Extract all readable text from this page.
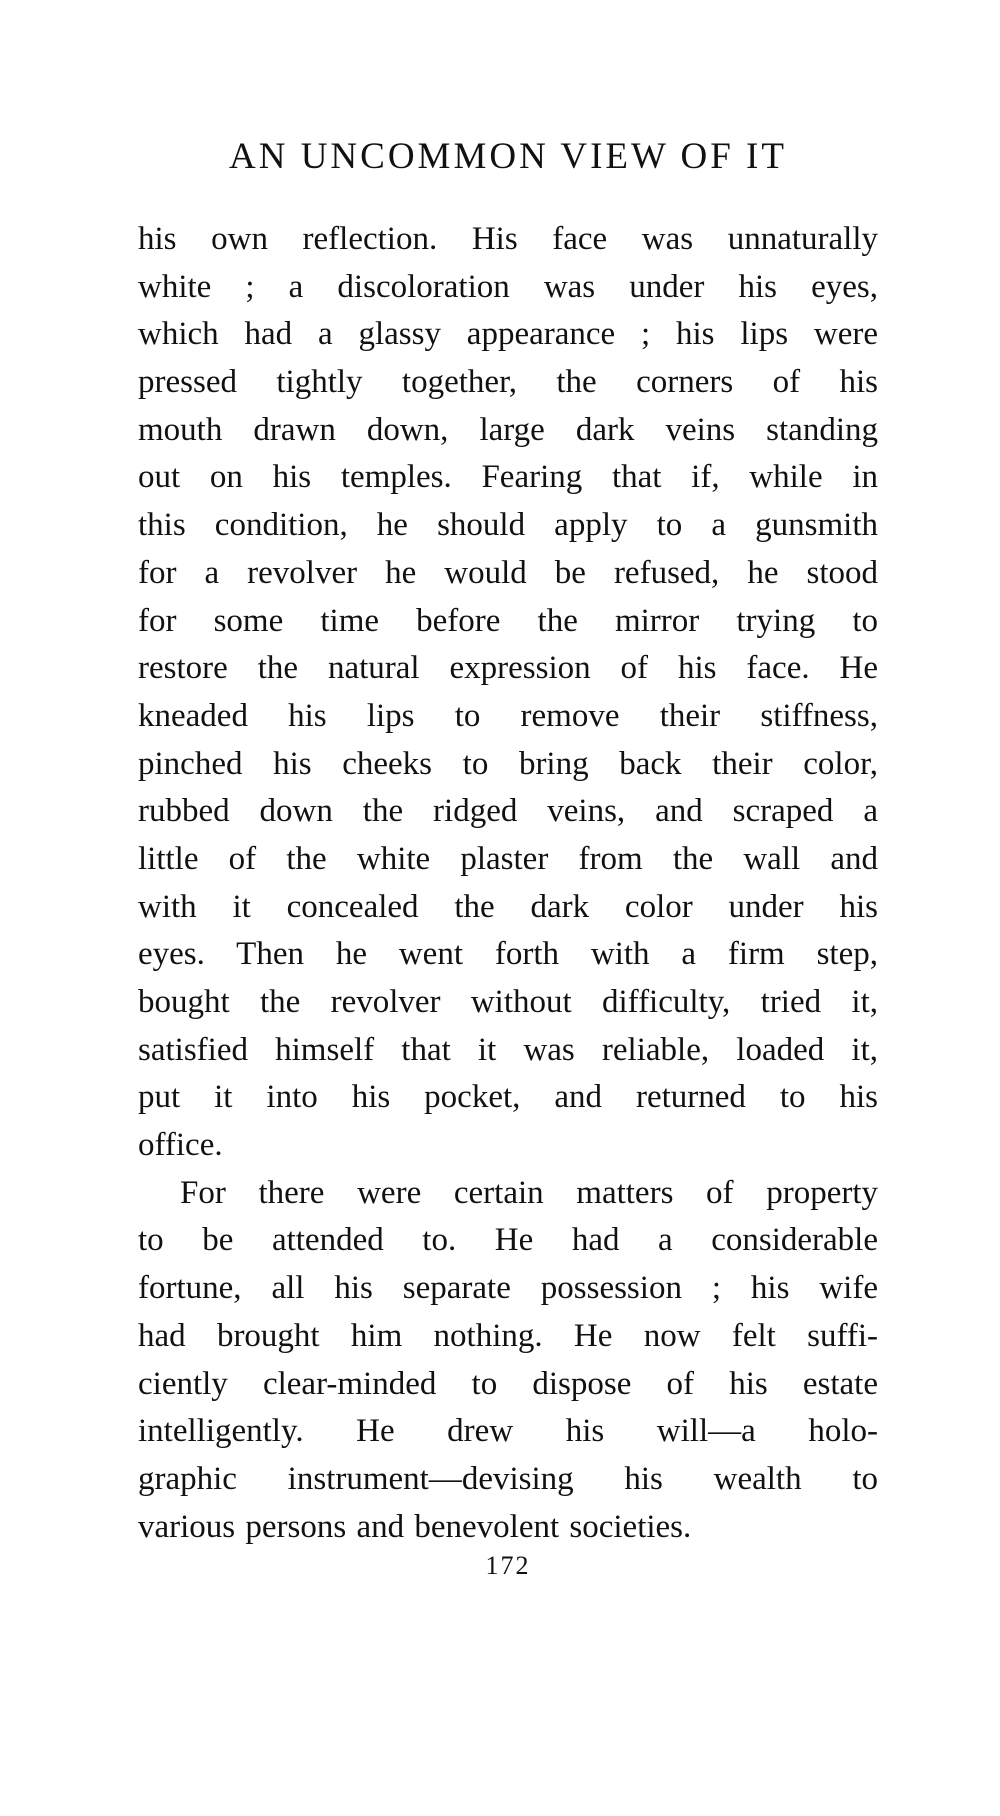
AN UNCOMMON VIEW OF IT
his own reflection. His face was unnaturally
white ; a discoloration was under his eyes,
which had a glassy appearance ; his lips were
pressed tightly together, the corners of his
mouth drawn down, large dark veins standing
out on his temples. Fearing that if, while in
this condition, he should apply to a gunsmith
for a revolver he would be refused, he stood
for some time before the mirror trying to
restore the natural expression of his face. He
kneaded his lips to remove their stiffness,
pinched his cheeks to bring back their color,
rubbed down the ridged veins, and scraped a
little of the white plaster from the wall and
with it concealed the dark color under his
eyes. Then he went forth with a firm step,
bought the revolver without difficulty, tried it,
satisfied himself that it was reliable, loaded it,
put it into his pocket, and returned to his
office.
For there were certain matters of property
to be attended to. He had a considerable
fortune, all his separate possession ; his wife
had brought him nothing. He now felt suffi-
ciently clear-minded to dispose of his estate
intelligently. He drew his will—a holo-
graphic instrument—devising his wealth to
various persons and benevolent societies.
172
